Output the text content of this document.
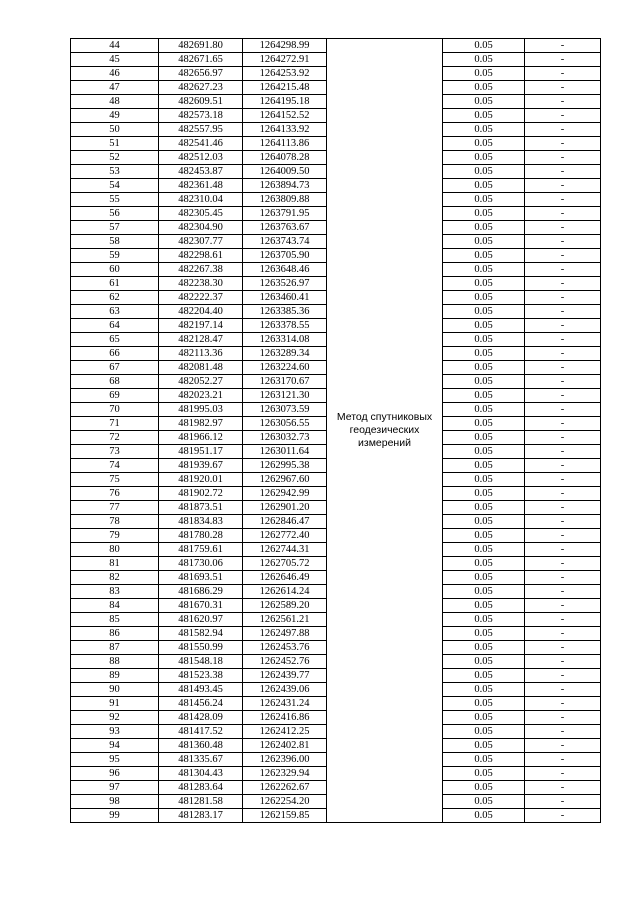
44	482691.80	1264298.99	Метод спутниковых
геодезических
измерений	0.05	-
45	482671.65	1264272.91		0.05	-
46	482656.97	1264253.92		0.05	-
47	482627.23	1264215.48		0.05	-
48	482609.51	1264195.18		0.05	-
49	482573.18	1264152.52		0.05	-
50	482557.95	1264133.92		0.05	-
51	482541.46	1264113.86		0.05	-
52	482512.03	1264078.28		0.05	-
53	482453.87	1264009.50		0.05	-
54	482361.48	1263894.73		0.05	-
55	482310.04	1263809.88		0.05	-
56	482305.45	1263791.95		0.05	-
57	482304.90	1263763.67		0.05	-
58	482307.77	1263743.74		0.05	-
59	482298.61	1263705.90		0.05	-
60	482267.38	1263648.46		0.05	-
61	482238.30	1263526.97		0.05	-
62	482222.37	1263460.41		0.05	-
63	482204.40	1263385.36		0.05	-
64	482197.14	1263378.55		0.05	-
65	482128.47	1263314.08		0.05	-
66	482113.36	1263289.34		0.05	-
67	482081.48	1263224.60		0.05	-
68	482052.27	1263170.67		0.05	-
69	482023.21	1263121.30		0.05	-
70	481995.03	1263073.59		0.05	-
71	481982.97	1263056.55		0.05	-
72	481966.12	1263032.73		0.05	-
73	481951.17	1263011.64		0.05	-
74	481939.67	1262995.38		0.05	-
75	481920.01	1262967.60		0.05	-
76	481902.72	1262942.99		0.05	-
77	481873.51	1262901.20		0.05	-
78	481834.83	1262846.47		0.05	-
79	481780.28	1262772.40		0.05	-
80	481759.61	1262744.31		0.05	-
81	481730.06	1262705.72		0.05	-
82	481693.51	1262646.49		0.05	-
83	481686.29	1262614.24		0.05	-
84	481670.31	1262589.20		0.05	-
85	481620.97	1262561.21		0.05	-
86	481582.94	1262497.88		0.05	-
87	481550.99	1262453.76		0.05	-
88	481548.18	1262452.76		0.05	-
89	481523.38	1262439.77		0.05	-
90	481493.45	1262439.06		0.05	-
91	481456.24	1262431.24		0.05	-
92	481428.09	1262416.86		0.05	-
93	481417.52	1262412.25		0.05	-
94	481360.48	1262402.81		0.05	-
95	481335.67	1262396.00		0.05	-
96	481304.43	1262329.94		0.05	-
97	481283.64	1262262.67		0.05	-
98	481281.58	1262254.20		0.05	-
99	481283.17	1262159.85		0.05	-
